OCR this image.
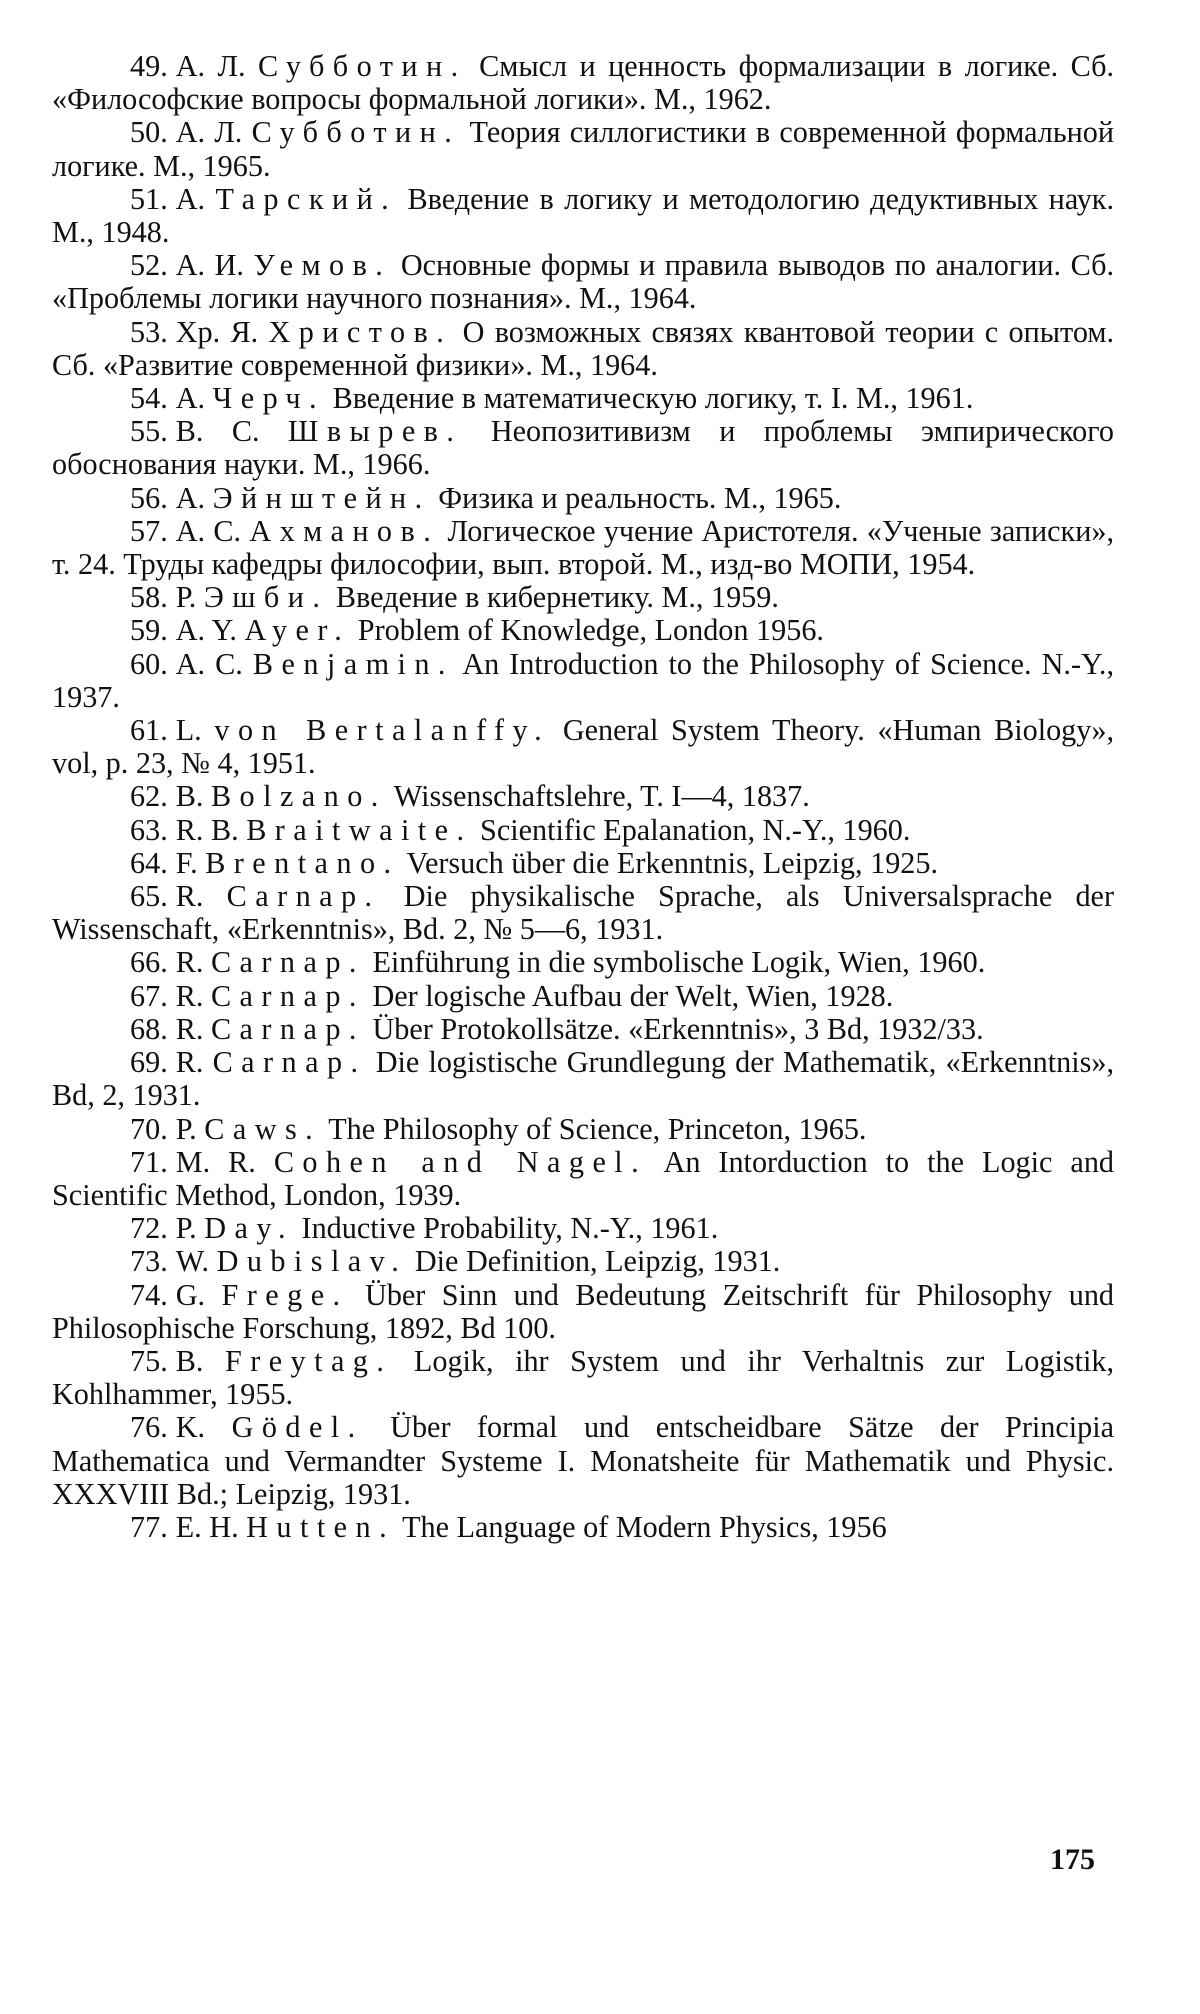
49. А. Л. Субботин. Смысл и ценность формализации в логике. Сб. «Философские вопросы формальной логики». М., 1962.

50. А. Л. Субботин. Теория силлогистики в современной формальной логике. М., 1965.

51. А. Тарский. Введение в логику и методологию дедуктивных наук. М., 1948.

52. А. И. Уемов. Основные формы и правила выводов по аналогии. Сб. «Проблемы логики научного познания». М., 1964.

53. Хр. Я. Христов. О возможных связях квантовой теории с опытом. Сб. «Развитие современной физики». М., 1964.

54. А. Черч. Введение в математическую логику, т. I. М., 1961.

55. В. С. Швырев. Неопозитивизм и проблемы эмпирического обоснования науки. М., 1966.

56. А. Эйнштейн. Физика и реальность. М., 1965.

57. А. С. Ахманов. Логическое учение Аристотеля. «Ученые записки», т. 24. Труды кафедры философии, вып. второй. М., изд-во МОПИ, 1954.

58. Р. Эшби. Введение в кибернетику. М., 1959.

59. A. Y. Ayer. Problem of Knowledge, London 1956.

60. A. C. Benjamin. An Introduction to the Philosophy of Science. N.-Y., 1937.

61. L. von Bertalanffy. General System Theory. «Human Biology», vol, p. 23, № 4, 1951.

62. B. Bolzano. Wissenschaftslehre, T. I—4, 1837.

63. R. B. Braitwaite. Scientific Epalanation, N.-Y., 1960.

64. F. Brentano. Versuch über die Erkenntnis, Leipzig, 1925.

65. R. Carnap. Die physikalische Sprache, als Universalsprache der Wissenschaft, «Erkenntnis», Bd. 2, № 5—6, 1931.

66. R. Carnap. Einführung in die symbolische Logik, Wien, 1960.

67. R. Carnap. Der logische Aufbau der Welt, Wien, 1928.

68. R. Carnap. Über Protokollsätze. «Erkenntnis», 3 Bd, 1932/33.

69. R. Carnap. Die logistische Grundlegung der Mathematik, «Erkenntnis», Bd, 2, 1931.

70. P. Caws. The Philosophy of Science, Princeton, 1965.

71. M. R. Cohen and Nagel. An Intorduction to the Logic and Scientific Method, London, 1939.

72. P. Day. Inductive Probability, N.-Y., 1961.

73. W. Dubislav. Die Definition, Leipzig, 1931.

74. G. Frege. Über Sinn und Bedeutung Zeitschrift für Philosophy und Philosophische Forschung, 1892, Bd 100.

75. B. Freytag. Logik, ihr System und ihr Verhaltnis zur Logistik, Kohlhammer, 1955.

76. K. Gödel. Über formal und entscheidbare Sätze der Principia Mathematica und Vermandter Systeme I. Monatsheite für Mathematik und Physic. XXXVIII Bd.; Leipzig, 1931.

77. E. H. Hutten. The Language of Modern Physics, 1956

175
